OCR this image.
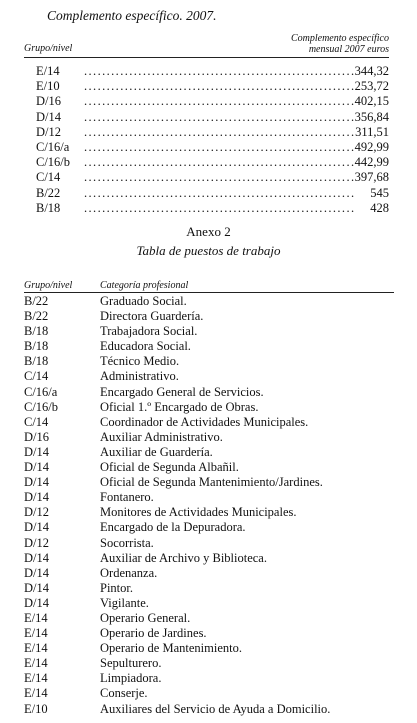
Complemento específico. 2007.
Grupo/nivel
Complemento específico
mensual 2007 euros
E/14 ............................................................ 344,32
E/10 ............................................................ 253,72
D/16 ............................................................ 402,15
D/14 ............................................................ 356,84
D/12 ............................................................ 311,51
C/16/a ............................................................ 492,99
C/16/b ............................................................ 442,99
C/14 ............................................................ 397,68
B/22 ............................................................ 545
B/18 ............................................................ 428
Anexo 2
Tabla de puestos de trabajo
Grupo/nivel	Categoría profesional
B/22	Graduado Social.
B/22	Directora Guardería.
B/18	Trabajadora Social.
B/18	Educadora Social.
B/18	Técnico Medio.
C/14	Administrativo.
C/16/a	Encargado General de Servicios.
C/16/b	Oficial 1.º Encargado de Obras.
C/14	Coordinador de Actividades Municipales.
D/16	Auxiliar Administrativo.
D/14	Auxiliar de Guardería.
D/14	Oficial de Segunda Albañil.
D/14	Oficial de Segunda Mantenimiento/Jardines.
D/14	Fontanero.
D/12	Monitores de Actividades Municipales.
D/14	Encargado de la Depuradora.
D/12	Socorrista.
D/14	Auxiliar de Archivo y Biblioteca.
D/14	Ordenanza.
D/14	Pintor.
D/14	Vigilante.
E/14	Operario General.
E/14	Operario de Jardines.
E/14	Operario de Mantenimiento.
E/14	Sepulturero.
E/14	Limpiadora.
E/14	Conserje.
E/10	Auxiliares del Servicio de Ayuda a Domicilio.
